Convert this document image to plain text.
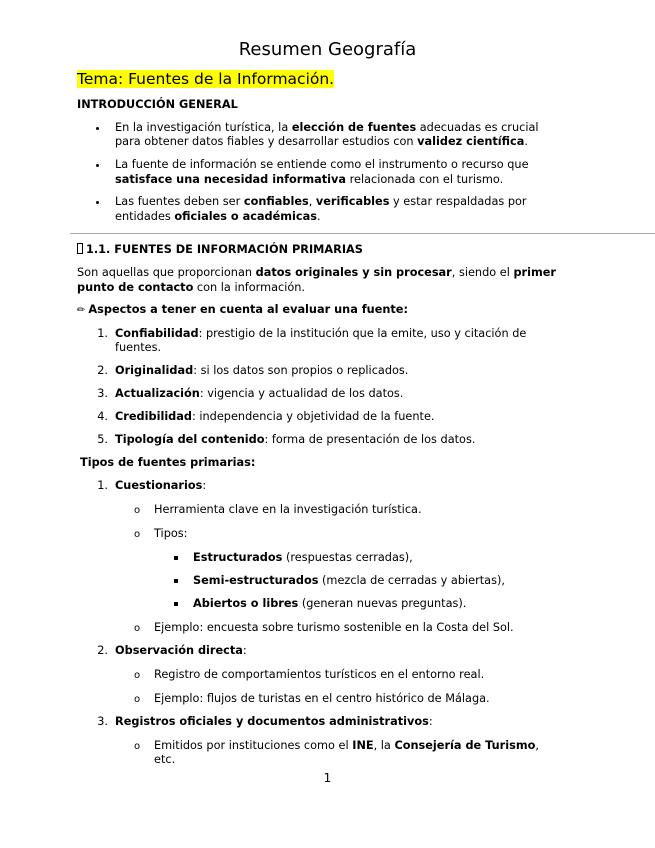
Resumen Geografía
Tema: Fuentes de la Información.
INTRODUCCIÓN GENERAL
En la investigación turística, la elección de fuentes adecuadas es crucial
para obtener datos fiables y desarrollar estudios con validez científica.
La fuente de información se entiende como el instrumento o recurso que
satisface una necesidad informativa relacionada con el turismo.
Las fuentes deben ser confiables, verificables y estar respaldadas por
entidades oficiales o académicas.
1.1. FUENTES DE INFORMACIÓN PRIMARIAS
Son aquellas que proporcionan datos originales y sin procesar, siendo el primer
punto de contacto con la información.
✏ Aspectos a tener en cuenta al evaluar una fuente:
1. Confiabilidad: prestigio de la institución que la emite, uso y citación de
fuentes.
2. Originalidad: si los datos son propios o replicados.
3. Actualización: vigencia y actualidad de los datos.
4. Credibilidad: independencia y objetividad de la fuente.
5. Tipología del contenido: forma de presentación de los datos.
Tipos de fuentes primarias:
1. Cuestionarios:
o Herramienta clave en la investigación turística.
o Tipos:
Estructurados (respuestas cerradas),
Semi-estructurados (mezcla de cerradas y abiertas),
Abiertos o libres (generan nuevas preguntas).
o Ejemplo: encuesta sobre turismo sostenible en la Costa del Sol.
2. Observación directa:
o Registro de comportamientos turísticos en el entorno real.
o Ejemplo: flujos de turistas en el centro histórico de Málaga.
3. Registros oficiales y documentos administrativos:
o Emitidos por instituciones como el INE, la Consejería de Turismo,
etc.
1
